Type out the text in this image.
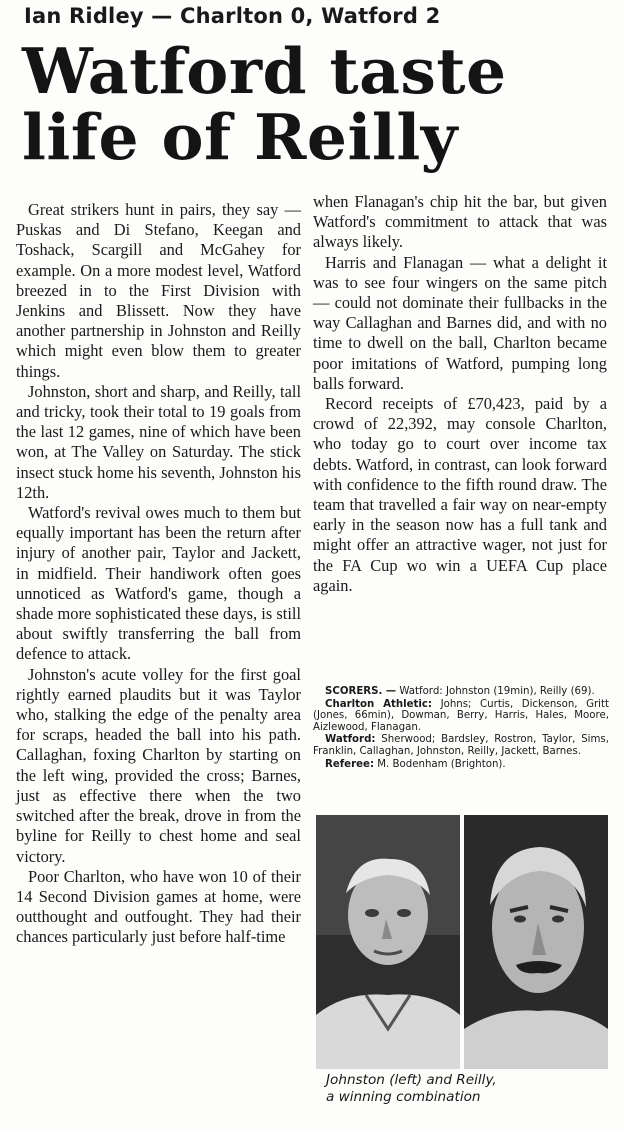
Ian Ridley — Charlton 0, Watford 2
Watford taste
life of Reilly

Great strikers hunt in pairs, they say — Puskas and Di Stefano, Keegan and Toshack, Scargill and McGahey for example. On a more modest level, Watford breezed in to the First Division with Jenkins and Blissett. Now they have another partnership in Johnston and Reilly which might even blow them to greater things.

Johnston, short and sharp, and Reilly, tall and tricky, took their total to 19 goals from the last 12 games, nine of which have been won, at The Valley on Saturday. The stick insect stuck home his seventh, Johnston his 12th.

Watford's revival owes much to them but equally important has been the return after injury of another pair, Taylor and Jackett, in midfield. Their handiwork often goes unnoticed as Watford's game, though a shade more sophisticated these days, is still about swiftly transferring the ball from defence to attack.

Johnston's acute volley for the first goal rightly earned plaudits but it was Taylor who, stalking the edge of the penalty area for scraps, headed the ball into his path. Callaghan, foxing Charlton by starting on the left wing, provided the cross; Barnes, just as effective there when the two switched after the break, drove in from the byline for Reilly to chest home and seal victory.

Poor Charlton, who have won 10 of their 14 Second Division games at home, were outthought and outfought. They had their chances particularly just before half-time

when Flanagan's chip hit the bar, but given Watford's commitment to attack that was always likely.

Harris and Flanagan — what a delight it was to see four wingers on the same pitch — could not dominate their fullbacks in the way Callaghan and Barnes did, and with no time to dwell on the ball, Charlton became poor imitations of Watford, pumping long balls forward.

Record receipts of £70,423, paid by a crowd of 22,392, may console Charlton, who today go to court over income tax debts. Watford, in contrast, can look forward with confidence to the fifth round draw. The team that travelled a fair way on near-empty early in the season now has a full tank and might offer an attractive wager, not just for the FA Cup wo win a UEFA Cup place again.

SCORERS. — Watford: Johnston (19min), Reilly (69).

Charlton Athletic: Johns; Curtis, Dickenson, Gritt (Jones, 66min), Dowman, Berry, Harris, Hales, Moore, Aizlewood, Flanagan.

Watford: Sherwood; Bardsley, Rostron, Taylor, Sims, Franklin, Callaghan, Johnston, Reilly, Jackett, Barnes.

Referee: M. Bodenham (Brighton).

Johnston (left) and Reilly,

a winning combination
